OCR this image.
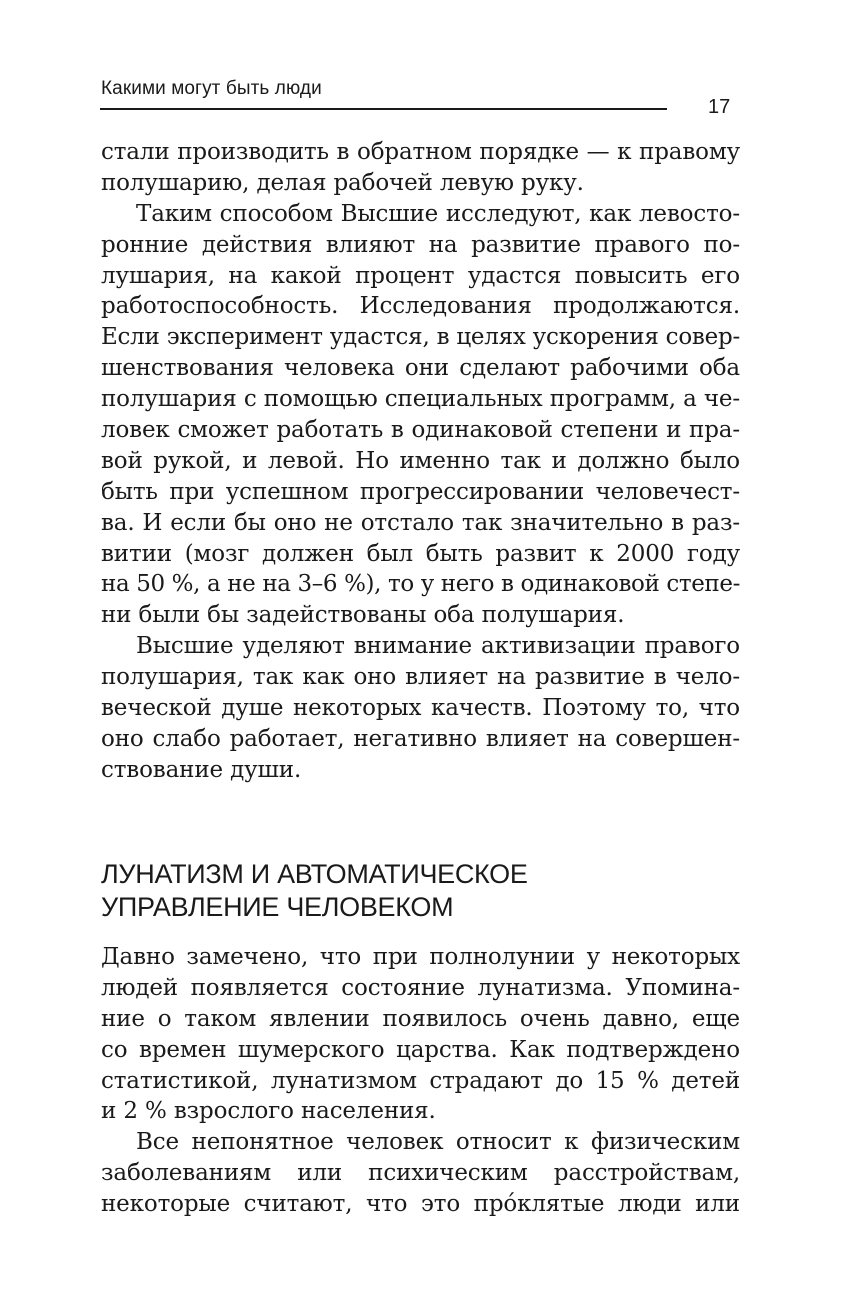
Какими могут быть люди
17
стали производить в обратном порядке — к правому
полушарию, делая рабочей левую руку.
Таким способом Высшие исследуют, как левосто-
ронние действия влияют на развитие правого по-
лушария, на какой процент удастся повысить его
работоспособность. Исследования продолжаются.
Если эксперимент удастся, в целях ускорения совер-
шенствования человека они сделают рабочими оба
полушария с помощью специальных программ, а че-
ловек сможет работать в одинаковой степени и пра-
вой рукой, и левой. Но именно так и должно было
быть при успешном прогрессировании человечест-
ва. И если бы оно не отстало так значительно в раз-
витии (мозг должен был быть развит к 2000 году
на 50 %, а не на 3–6 %), то у него в одинаковой степе-
ни были бы задействованы оба полушария.
Высшие уделяют внимание активизации правого
полушария, так как оно влияет на развитие в чело-
веческой душе некоторых качеств. Поэтому то, что
оно слабо работает, негативно влияет на совершен-
ствование души.
ЛУНАТИЗМ И АВТОМАТИЧЕСКОЕ
УПРАВЛЕНИЕ ЧЕЛОВЕКОМ
Давно замечено, что при полнолунии у некоторых
людей появляется состояние лунатизма. Упомина-
ние о таком явлении появилось очень давно, еще
со времен шумерского царства. Как подтверждено
статистикой, лунатизмом страдают до 15 % детей
и 2 % взрослого населения.
Все непонятное человек относит к физическим
заболеваниям или психическим расстройствам,
некоторые считают, что это прóклятые люди или
